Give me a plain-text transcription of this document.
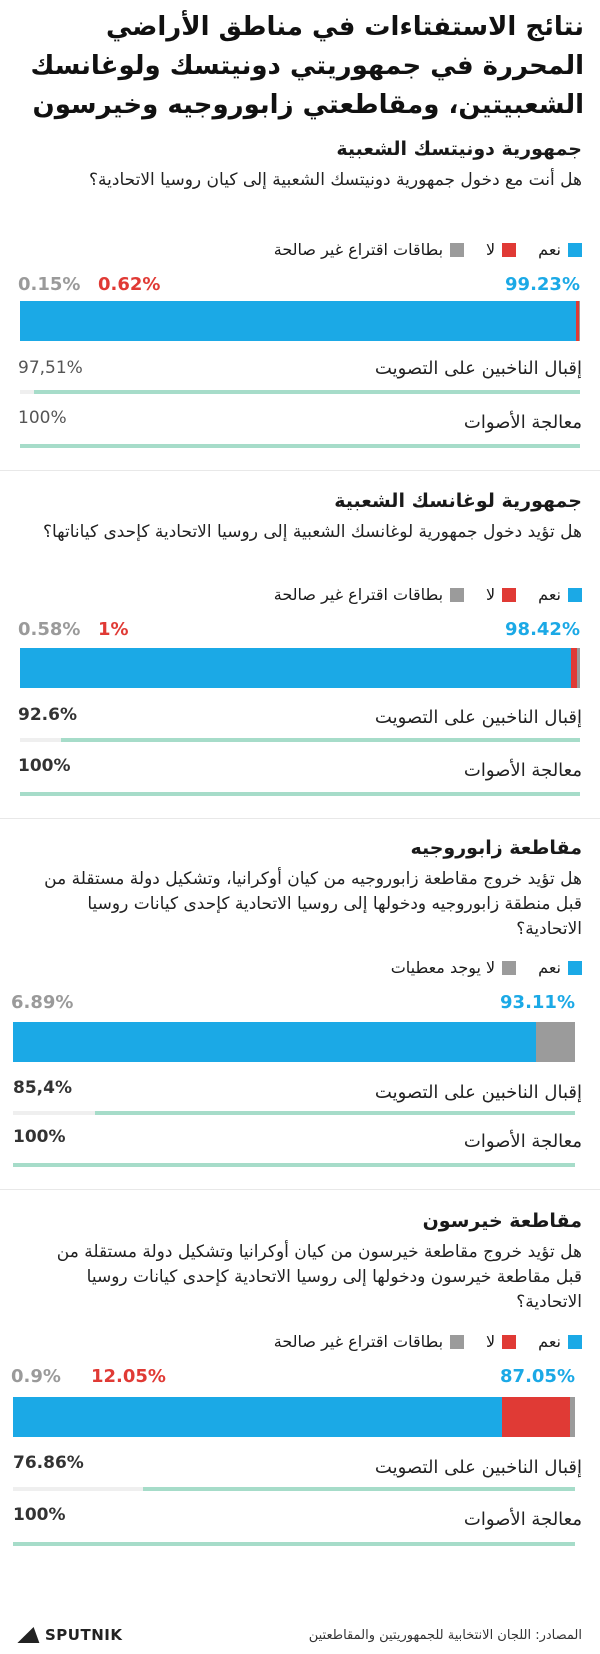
نتائج الاستفتاءات في مناطق الأراضي المحررة في جمهوريتي دونيتسك ولوغانسك الشعبيتين، ومقاطعتي زابوروجيه وخيرسون
جمهورية دونيتسك الشعبية
هل أنت مع دخول جمهورية دونيتسك الشعبية إلى كيان روسيا الاتحادية؟
نعم
لا
بطاقات اقتراع غير صالحة
99.23%
0.15% 0.62%
إقبال الناخبين على التصويت
97,51%
معالجة الأصوات
100%
جمهورية لوغانسك الشعبية
هل تؤيد دخول جمهورية لوغانسك الشعبية إلى روسيا الاتحادية كإحدى كياناتها؟
نعم
لا
بطاقات اقتراع غير صالحة
98.42%
0.58% 1%
إقبال الناخبين على التصويت
92.6%
معالجة الأصوات
100%
مقاطعة زابوروجيه
هل تؤيد خروج مقاطعة زابوروجيه من كيان أوكرانيا، وتشكيل دولة مستقلة من قبل منطقة زابوروجيه ودخولها إلى روسيا الاتحادية كإحدى كيانات روسيا الاتحادية؟
نعم
لا يوجد معطيات
93.11%
6.89%
إقبال الناخبين على التصويت
85,4%
معالجة الأصوات
100%
مقاطعة خيرسون
هل تؤيد خروج مقاطعة خيرسون من كيان أوكرانيا وتشكيل دولة مستقلة من قبل مقاطعة خيرسون ودخولها إلى روسيا الاتحادية كإحدى كيانات روسيا الاتحادية؟
نعم
لا
بطاقات اقتراع غير صالحة
87.05%
0.9% 12.05%
إقبال الناخبين على التصويت
76.86%
معالجة الأصوات
100%
المصادر: اللجان الانتخابية للجمهوريتين والمقاطعتين
SPUTNIK
